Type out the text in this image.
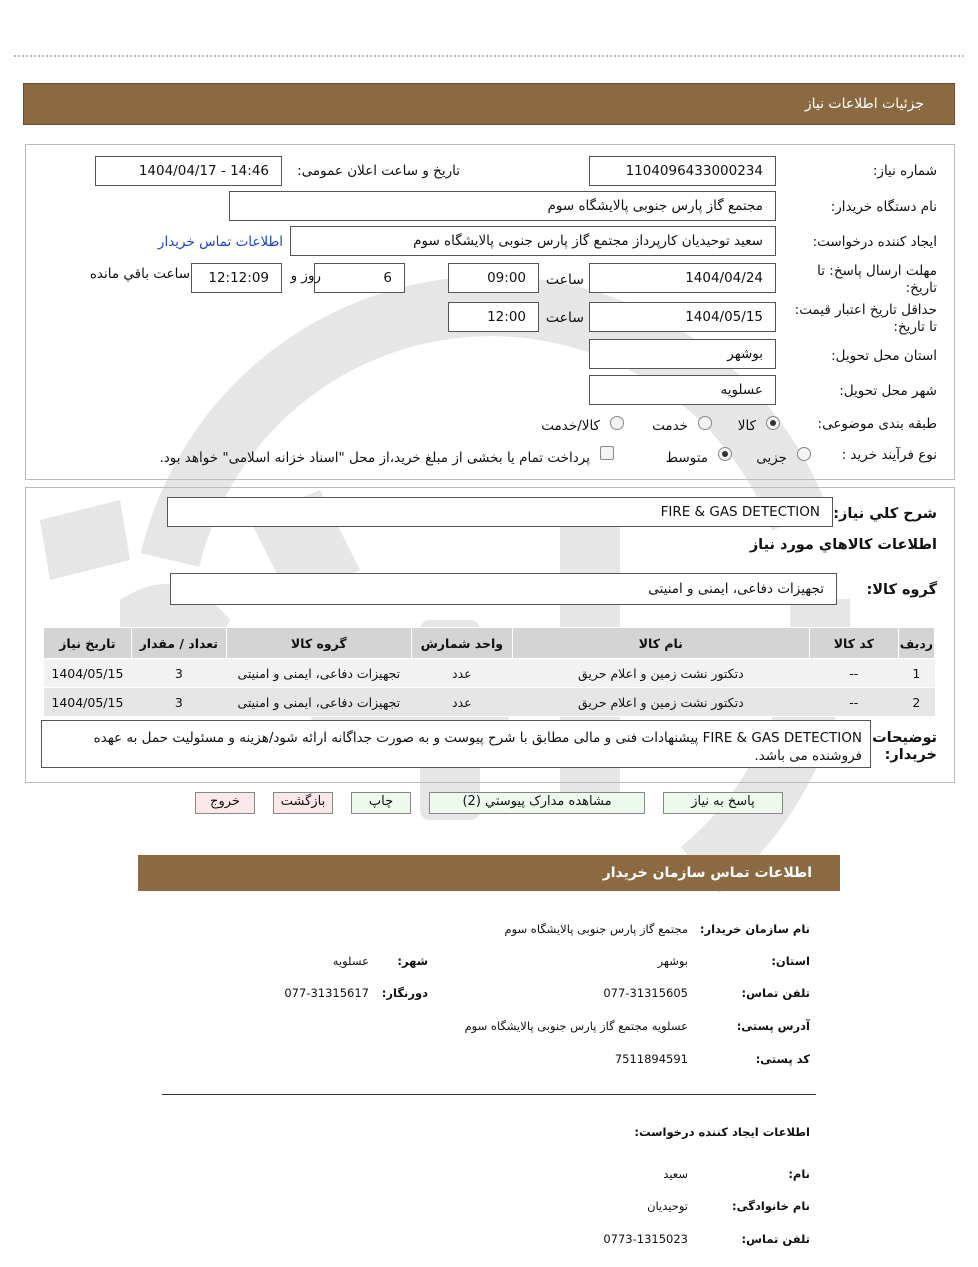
جزئیات اطلاعات نیاز
شماره نیاز:
1104096433000234
تاریخ و ساعت اعلان عمومی:
1404/04/17 - 14:46
نام دستگاه خریدار:
مجتمع گاز پارس جنوبی پالایشگاه سوم
ایجاد کننده درخواست:
سعید توحیدیان کارپرداز مجتمع گاز پارس جنوبی پالایشگاه سوم
اطلاعات تماس خریدار
مهلت ارسال پاسخ: تا
تاریخ:
1404/04/24
ساعت
09:00
6
روز و
12:12:09
ساعت باقي مانده
حداقل تاریخ اعتبار قیمت:
تا تاریخ:
1404/05/15
ساعت
12:00
استان محل تحویل:
بوشهر
شهر محل تحویل:
عسلویه
طبقه بندی موضوعی:
کالا
خدمت
کالا/خدمت
نوع فرآیند خرید :
جزیی
متوسط
پرداخت تمام یا بخشی از مبلغ خرید،از محل "اسناد خزانه اسلامی" خواهد بود.
شرح كلي نياز:
FIRE & GAS DETECTION
اطلاعات كالاهاي مورد نياز
گروه کالا:
تجهیزات دفاعی، ایمنی و امنیتی
رديف	کد کالا	نام کالا	واحد شمارش	گروه کالا	تعداد / مقدار	تاريخ نياز
1	--	دتکتور نشت زمین و اعلام حریق	عدد	تجهیزات دفاعی، ایمنی و امنیتی	3	1404/05/15
2	--	دتکتور نشت زمین و اعلام حریق	عدد	تجهیزات دفاعی، ایمنی و امنیتی	3	1404/05/15
توضیحات
خریدار:
FIRE & GAS DETECTION پیشنهادات فنی و مالی مطابق با شرح پیوست و به صورت جداگانه ارائه شود/هزینه و مسئولیت حمل به عهده فروشنده می باشد.
پاسخ به نیاز
مشاهده مدارک پیوستي (2)
چاپ
بازگشت
خروج
اطلاعات تماس سازمان خریدار
نام سازمان خریدار:
مجتمع گاز پارس جنوبی پالایشگاه سوم
استان:
بوشهر
شهر:
عسلویه
تلفن تماس:
077-31315605
دورنگار:
077-31315617
آدرس پستی:
عسلویه مجتمع گاز پارس جنوبی پالایشگاه سوم
کد پستی:
7511894591
اطلاعات ایجاد کننده درخواست:
نام:
سعید
نام خانوادگی:
توحیدیان
تلفن تماس:
0773-1315023
